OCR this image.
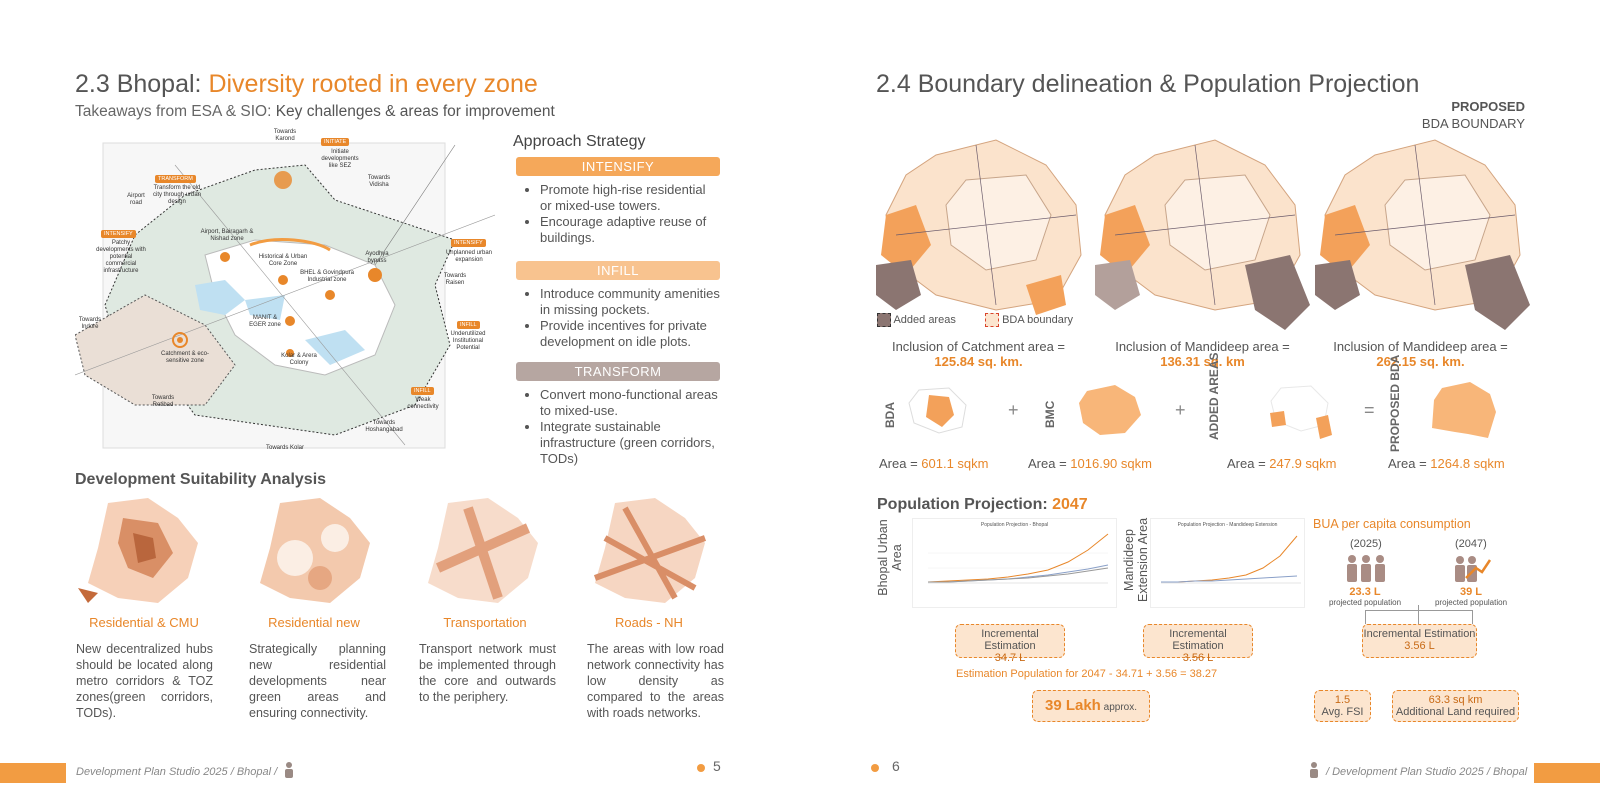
2.3 Bhopal: Diversity rooted in every zone
Takeaways from ESA & SIO: Key challenges & areas for improvement
Towards Karond	INITIATE
Initiate developments like SEZ
Towards Vidisha
TRANSFORM
Transform the old city through urban design
Airport road
INTENSIFY
Patchy developments with potential commercial infrastructure
INTENSIFY
Unplanned urban expansion
Airport, Bairagarh & Nishad zone
Historical & Urban Core Zone
BHEL & Govindpura Industrial zone
Ayodhya bypass
Towards Raisen
Towards Indore
MANIT & EGER zone	INFILL
Underutilized Institutional Potential
Catchment & eco-sensitive zone
Kolar & Arera Colony
Towards Retibad
INFILL
Weak connectivity
Towards Hoshangabad
Towards Kolar
Approach Strategy
INTENSIFY
• Promote high-rise residential or mixed-use towers.
• Encourage adaptive reuse of buildings.
INFILL
• Introduce community amenities in missing pockets.
• Provide incentives for private development on idle plots.
TRANSFORM
• Convert mono-functional areas to mixed-use.
• Integrate sustainable infrastructure (green corridors, TODs)
Development Suitability Analysis
Residential & CMU	Residential new	Transportation	Roads - NH
New decentralized hubs should be located along metro corridors & TOZ zones(green corridors, TODs).
Strategically planning new residential developments near green areas and ensuring connectivity.
Transport network must be implemented through the core and outwards to the periphery.
The areas with low road network connectivity has low density as compared to the areas with roads networks.
Development Plan Studio 2025 / Bhopal /	5
2.4 Boundary delineation & Population Projection
PROPOSED
BDA BOUNDARY
Added areas	BDA boundary
Inclusion of Catchment area =
125.84 sq. km.
Inclusion of Mandideep area =
136.31 sq. km
Inclusion of Mandideep area =
262.15 sq. km.
BDA	+ BMC	+ ADDED AREAS	= PROPOSED BDA
Area = 601.1 sqkm	Area = 1016.90 sqkm	Area = 247.9 sqkm	Area = 1264.8 sqkm
Population Projection: 2047
Bhopal Urban Area
Population Projection - Bhopal
Mandideep Extension Area	Population Projection - Mandideep Extension	BUA per capita consumption
(2025)	(2047)
23.3 L	39 L
projected population	projected population
Incremental Estimation
34.7 L
Incremental Estimation
3.56 L
Incremental Estimation
3.56 L
Estimation Population for 2047 - 34.71 + 3.56 = 38.27
39 Lakh approx.
1.5
Avg. FSI
63.3 sq km
Additional Land required
6	/ Development Plan Studio 2025 / Bhopal
